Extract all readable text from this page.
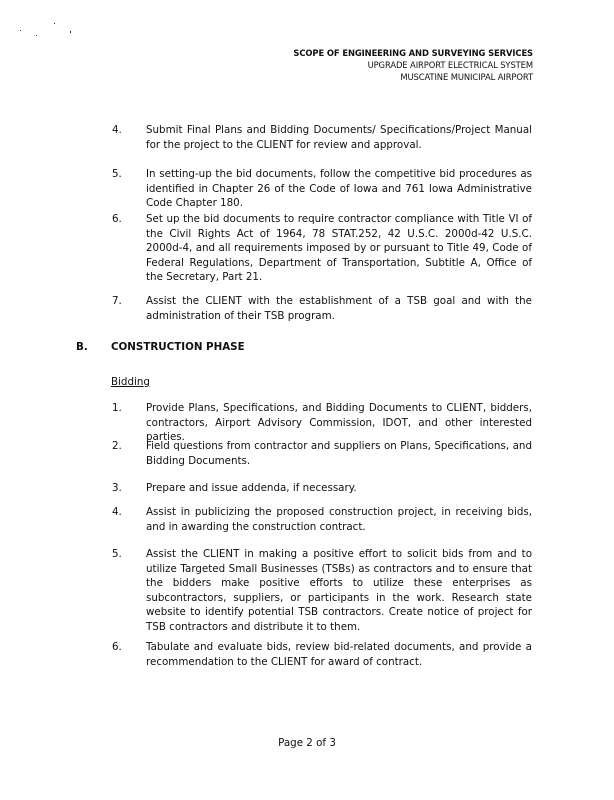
SCOPE OF ENGINEERING AND SURVEYING SERVICES
UPGRADE AIRPORT ELECTRICAL SYSTEM
MUSCATINE MUNICIPAL AIRPORT
4.	Submit Final Plans and Bidding Documents/ Specifications/Project Manual for the project to the CLIENT for review and approval.
5.	In setting-up the bid documents, follow the competitive bid procedures as identified in Chapter 26 of the Code of Iowa and 761 Iowa Administrative Code Chapter 180.
6.	Set up the bid documents to require contractor compliance with Title VI of the Civil Rights Act of 1964, 78 STAT.252, 42 U.S.C. 2000d-42 U.S.C. 2000d-4, and all requirements imposed by or pursuant to Title 49, Code of Federal Regulations, Department of Transportation, Subtitle A, Office of the Secretary, Part 21.
7.	Assist the CLIENT with the establishment of a TSB goal and with the administration of their TSB program.
B. CONSTRUCTION PHASE
Bidding
1.	Provide Plans, Specifications, and Bidding Documents to CLIENT, bidders, contractors, Airport Advisory Commission, IDOT, and other interested parties.
2.	Field questions from contractor and suppliers on Plans, Specifications, and Bidding Documents.
3.	Prepare and issue addenda, if necessary.
4.	Assist in publicizing the proposed construction project, in receiving bids, and in awarding the construction contract.
5.	Assist the CLIENT in making a positive effort to solicit bids from and to utilize Targeted Small Businesses (TSBs) as contractors and to ensure that the bidders make positive efforts to utilize these enterprises as subcontractors, suppliers, or participants in the work. Research state website to identify potential TSB contractors. Create notice of project for TSB contractors and distribute it to them.
6.	Tabulate and evaluate bids, review bid-related documents, and provide a recommendation to the CLIENT for award of contract.
Page 2 of 3
